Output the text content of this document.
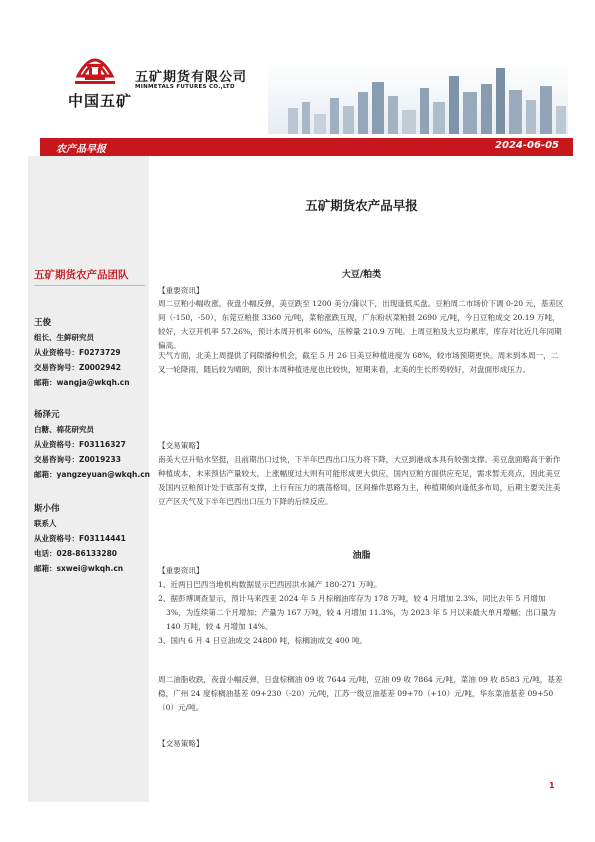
中国五矿
五矿期货有限公司
MINMETALS FUTURES CO.,LTD
农产品早报	2024-06-05
五矿期货农产品团队
王俊
组长、生鲜研究员
从业资格号：F0273729
交易咨询号：Z0002942
邮箱：wangja@wkqh.cn
杨泽元
白糖、棉花研究员
从业资格号：F03116327
交易咨询号：Z0019233
邮箱：yangzeyuan@wkqh.cn
斯小伟
联系人
从业资格号：F03114441
电话：028-86133280
邮箱：sxwei@wkqh.cn
五矿期货农产品早报
大豆/粕类
【重要资讯】
周二豆粕小幅收涨，夜盘小幅反弹，美豆跌至 1200 美分/蒲以下，出现逢低买盘。豆粕周二市场价下调 0-20 元，基差区间（-150，-50），东莞豆粕报 3360 元/吨，菜粕涨跌互现，广东粉状菜粕报 2690 元/吨，今日豆粕成交 20.19 万吨，较好，大豆开机率 57.26%，预计本周开机率 60%，压榨量 210.9 万吨。上周豆粕及大豆均累库，库存对比近几年同期偏高。
天气方面，北美上周提供了间隙播种机会，截至 5 月 26 日美豆种植进度为 68%，较市场预期更快。周末到本周一，二叉一轮降雨，随后较为晴朗，预计本周种植进度也比较快，短期来看，北美的生长形势较好，对盘面形成压力。
【交易策略】
南美大豆升贴水坚挺，且前期出口过快，下半年巴西出口压力将下降，大豆到港成本具有较强支撑。美豆盘面略高于新作种植成本，未来预估产量较大，上涨幅度过大则有可能形成更大供应，国内豆粕方面供应充足，需求暂无亮点，因此美豆及国内豆粕预计处于底部有支撑，上行有压力的震荡格局，区间操作思路为主，种植期倾向逢低多布局，后期主要关注美豆产区天气及下半年巴西出口压力下降的后续反应。
油脂
【重要资讯】
1、近两日巴西当地机构数据显示巴西因洪水减产 180-271 万吨。
2、据彭博调查显示，预计马来西亚 2024 年 5 月棕榈油库存为 178 万吨，较 4 月增加 2.3%，同比去年 5 月增加 3%，为连续第二个月增加；产量为 167 万吨，较 4 月增加 11.3%，为 2023 年 5 月以来最大单月增幅；出口量为 140 万吨，较 4 月增加 14%。
3、国内 6 月 4 日豆油成交 24800 吨，棕榈油成交 400 吨。
周二油脂收跌，夜盘小幅反弹，日盘棕榈油 09 收 7644 元/吨，豆油 09 收 7864 元/吨，菜油 09 收 8583 元/吨，基差稳，广州 24 度棕榈油基差 09+230（-20）元/吨，江苏一级豆油基差 09+70（+10）元/吨，华东菜油基差 09+50（0）元/吨。
【交易策略】
1
